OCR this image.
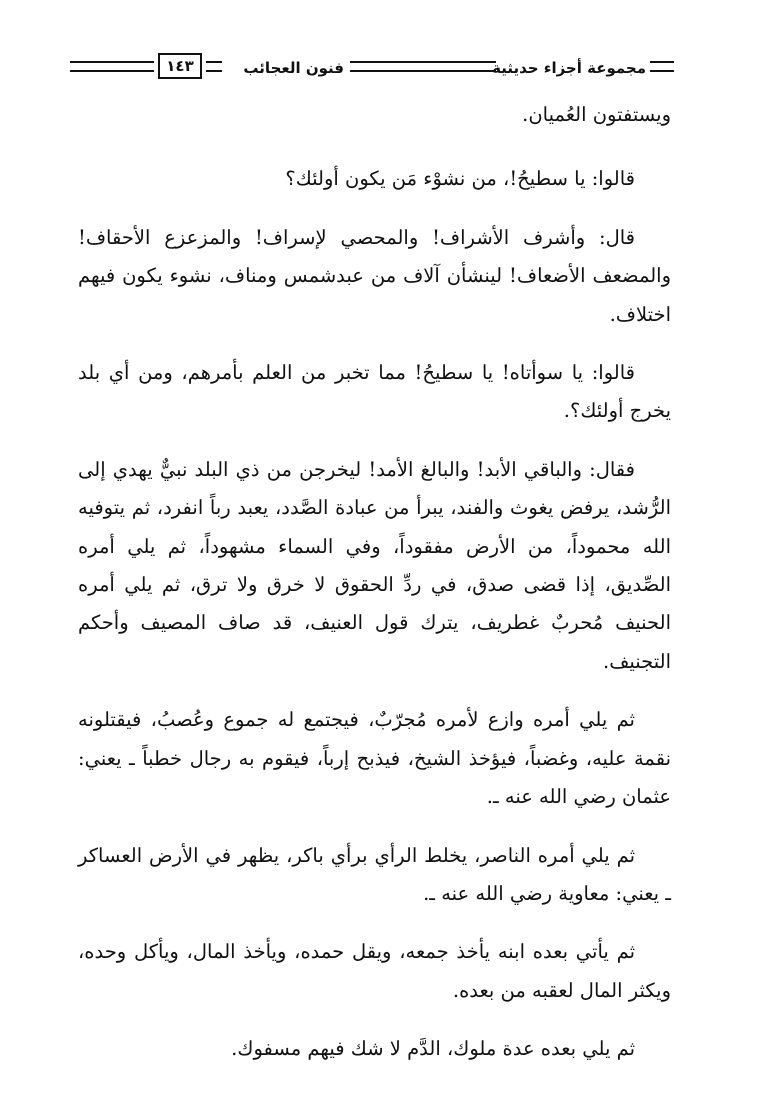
مجموعة أجزاء حديثية
فنون العجائب
١٤٣

ويستفتون العُميان.

قالوا: يا سطيحُ!، من نشوْء مَن يكون أولئك؟

قال: وأشرف الأشراف! والمحصي لإسراف! والمزعزع الأحقاف! والمضعف الأضعاف! لينشأن آلاف من عبدشمس ومناف، نشوء يكون فيهم اختلاف.

قالوا: يا سوأتاه! يا سطيحُ! مما تخبر من العلم بأمرهم، ومن أي بلد يخرج أولئك؟.

فقال: والباقي الأبد! والبالغ الأمد! ليخرجن من ذي البلد نبيٌّ يهدي إلى الرُّشد، يرفض يغوث والفند، يبرأ من عبادة الصَّدد، يعبد رباً انفرد، ثم يتوفيه الله محموداً، من الأرض مفقوداً، وفي السماء مشهوداً، ثم يلي أمره الصِّديق، إذا قضى صدق، في ردِّ الحقوق لا خرق ولا ترق، ثم يلي أمره الحنيف مُحربٌ غطريف، يترك قول العنيف، قد صاف المصيف وأحكم التجنيف.

ثم يلي أمره وازع لأمره مُجرّبٌ، فيجتمع له جموع وعُصبُ، فيقتلونه نقمة عليه، وغضباً، فيؤخذ الشيخ، فيذبح إرباً، فيقوم به رجال خطباً ـ يعني: عثمان رضي الله عنه ـ.

ثم يلي أمره الناصر، يخلط الرأي برأي باكر، يظهر في الأرض العساكر ـ يعني: معاوية رضي الله عنه ـ.

ثم يأتي بعده ابنه يأخذ جمعه، ويقل حمده، ويأخذ المال، ويأكل وحده، ويكثر المال لعقبه من بعده.

ثم يلي بعده عدة ملوك، الدَّم لا شك فيهم مسفوك.
